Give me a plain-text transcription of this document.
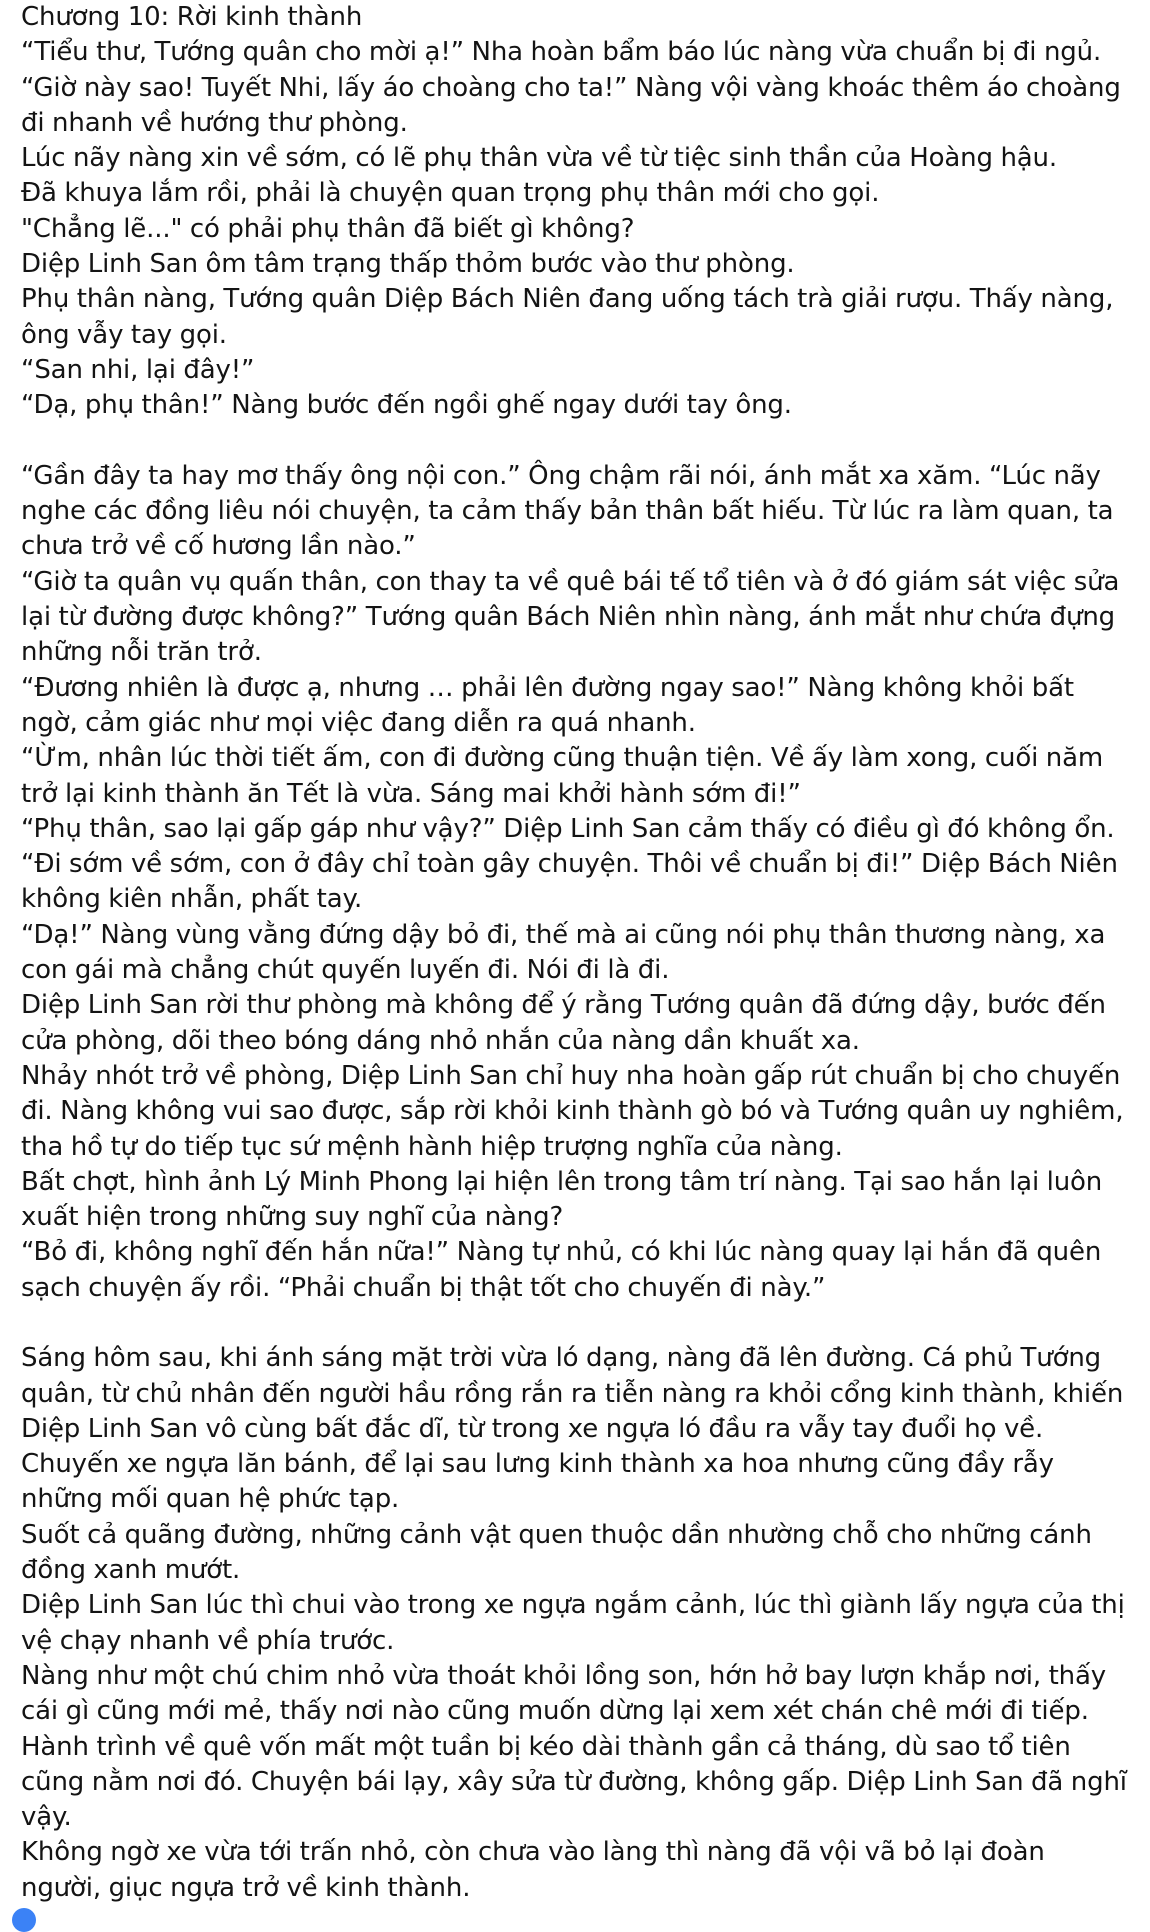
Chương 10: Rời kinh thành
“Tiểu thư, Tướng quân cho mời ạ!” Nha hoàn bẩm báo lúc nàng vừa chuẩn bị đi ngủ.
“Giờ này sao! Tuyết Nhi, lấy áo choàng cho ta!” Nàng vội vàng khoác thêm áo choàng
đi nhanh về hướng thư phòng.
Lúc nãy nàng xin về sớm, có lẽ phụ thân vừa về từ tiệc sinh thần của Hoàng hậu.
Đã khuya lắm rồi, phải là chuyện quan trọng phụ thân mới cho gọi.
"Chẳng lẽ..." có phải phụ thân đã biết gì không?
Diệp Linh San ôm tâm trạng thấp thỏm bước vào thư phòng.
Phụ thân nàng, Tướng quân Diệp Bách Niên đang uống tách trà giải rượu. Thấy nàng,
ông vẫy tay gọi.
“San nhi, lại đây!”
“Dạ, phụ thân!” Nàng bước đến ngồi ghế ngay dưới tay ông.
“Gần đây ta hay mơ thấy ông nội con.” Ông chậm rãi nói, ánh mắt xa xăm. “Lúc nãy
nghe các đồng liêu nói chuyện, ta cảm thấy bản thân bất hiếu. Từ lúc ra làm quan, ta
chưa trở về cố hương lần nào.”
“Giờ ta quân vụ quấn thân, con thay ta về quê bái tế tổ tiên và ở đó giám sát việc sửa
lại từ đường được không?” Tướng quân Bách Niên nhìn nàng, ánh mắt như chứa đựng
những nỗi trăn trở.
“Đương nhiên là được ạ, nhưng … phải lên đường ngay sao!” Nàng không khỏi bất
ngờ, cảm giác như mọi việc đang diễn ra quá nhanh.
“Ừm, nhân lúc thời tiết ấm, con đi đường cũng thuận tiện. Về ấy làm xong, cuối năm
trở lại kinh thành ăn Tết là vừa. Sáng mai khởi hành sớm đi!”
“Phụ thân, sao lại gấp gáp như vậy?” Diệp Linh San cảm thấy có điều gì đó không ổn.
“Đi sớm về sớm, con ở đây chỉ toàn gây chuyện. Thôi về chuẩn bị đi!” Diệp Bách Niên
không kiên nhẫn, phất tay.
“Dạ!” Nàng vùng vằng đứng dậy bỏ đi, thế mà ai cũng nói phụ thân thương nàng, xa
con gái mà chẳng chút quyến luyến đi. Nói đi là đi.
Diệp Linh San rời thư phòng mà không để ý rằng Tướng quân đã đứng dậy, bước đến
cửa phòng, dõi theo bóng dáng nhỏ nhắn của nàng dần khuất xa.
Nhảy nhót trở về phòng, Diệp Linh San chỉ huy nha hoàn gấp rút chuẩn bị cho chuyến
đi. Nàng không vui sao được, sắp rời khỏi kinh thành gò bó và Tướng quân uy nghiêm,
tha hồ tự do tiếp tục sứ mệnh hành hiệp trượng nghĩa của nàng.
Bất chợt, hình ảnh Lý Minh Phong lại hiện lên trong tâm trí nàng. Tại sao hắn lại luôn
xuất hiện trong những suy nghĩ của nàng?
“Bỏ đi, không nghĩ đến hắn nữa!” Nàng tự nhủ, có khi lúc nàng quay lại hắn đã quên
sạch chuyện ấy rồi. “Phải chuẩn bị thật tốt cho chuyến đi này.”
Sáng hôm sau, khi ánh sáng mặt trời vừa ló dạng, nàng đã lên đường. Cá phủ Tướng
quân, từ chủ nhân đến người hầu rồng rắn ra tiễn nàng ra khỏi cổng kinh thành, khiến
Diệp Linh San vô cùng bất đắc dĩ, từ trong xe ngựa ló đầu ra vẫy tay đuổi họ về.
Chuyến xe ngựa lăn bánh, để lại sau lưng kinh thành xa hoa nhưng cũng đầy rẫy
những mối quan hệ phức tạp.
Suốt cả quãng đường, những cảnh vật quen thuộc dần nhường chỗ cho những cánh
đồng xanh mướt.
Diệp Linh San lúc thì chui vào trong xe ngựa ngắm cảnh, lúc thì giành lấy ngựa của thị
vệ chạy nhanh về phía trước.
Nàng như một chú chim nhỏ vừa thoát khỏi lồng son, hớn hở bay lượn khắp nơi, thấy
cái gì cũng mới mẻ, thấy nơi nào cũng muốn dừng lại xem xét chán chê mới đi tiếp.
Hành trình về quê vốn mất một tuần bị kéo dài thành gần cả tháng, dù sao tổ tiên
cũng nằm nơi đó. Chuyện bái lạy, xây sửa từ đường, không gấp. Diệp Linh San đã nghĩ
vậy.
Không ngờ xe vừa tới trấn nhỏ, còn chưa vào làng thì nàng đã vội vã bỏ lại đoàn
người, giục ngựa trở về kinh thành.
